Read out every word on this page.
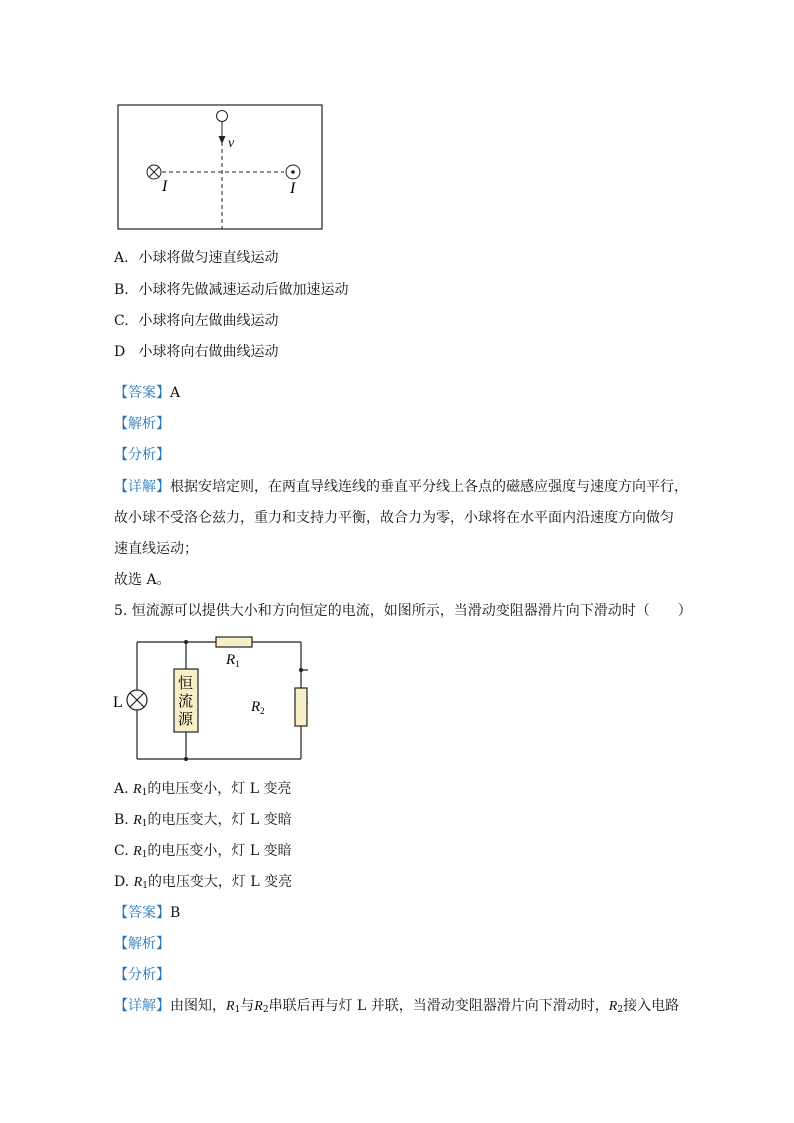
v
I	I
A. 小球将做匀速直线运动
B. 小球将先做减速运动后做加速运动
C. 小球将向左做曲线运动
D 小球将向右做曲线运动
【答案】A
【解析】
【分析】
【详解】根据安培定则，在两直导线连线的垂直平分线上各点的磁感应强度与速度方向平行，
故小球不受洛仑兹力，重力和支持力平衡，故合力为零，小球将在水平面内沿速度方向做匀
速直线运动；
故选 A。
5. 恒流源可以提供大小和方向恒定的电流，如图所示，当滑动变阻器滑片向下滑动时（　　）
L
恒
流
源
$R_1$
$R_2$
A. $R_1$的电压变小，灯 L 变亮
B. $R_1$的电压变大，灯 L 变暗
C. $R_1$的电压变小，灯 L 变暗
D. $R_1$的电压变大，灯 L 变亮
【答案】B
【解析】
【分析】
【详解】由图知，$R_1$与$R_2$串联后再与灯 L 并联，当滑动变阻器滑片向下滑动时，$R_2$接入电路
